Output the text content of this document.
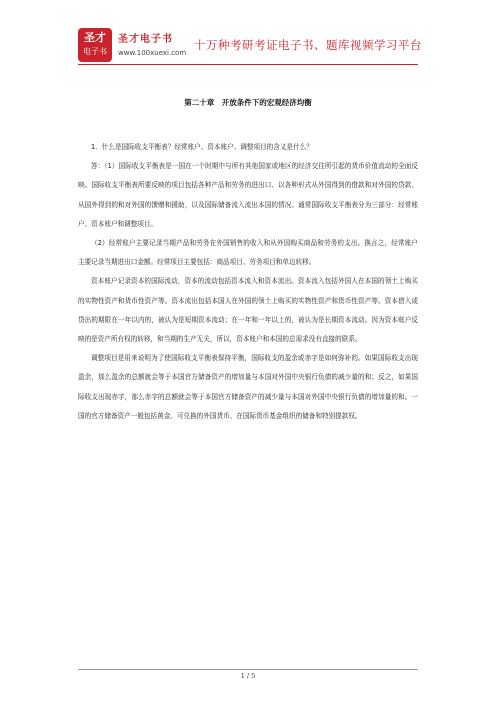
圣才
电子书
圣才电子书
www.100xuexi.com
十万种考研考证电子书、题库视频学习平台
第二十章　开放条件下的宏观经济均衡

1．什么是国际收支平衡表？经常账户、资本账户、调整项目的含义是什么？

答：（1）国际收支平衡表是一国在一个时期中与所有其他国家或地区的经济交往所引起的货币价值流动的全面反映。国际收支平衡表所要反映的项目包括各种产品和劳务的进出口、以各种形式从外国得到的借款和对外国的贷款、从国外得到的和对外国的馈赠和援助，以及国际储备流入流出本国的情况。通常国际收支平衡表分为三部分：经常账户、资本账户和调整项目。

（2）经常账户主要记录当期产品和劳务在外国销售的收入和从外国购买商品和劳务的支出。换言之，经常账户主要记录当期进出口金额。经常项目主要包括：商品项目、劳务项目和单边转移。

资本账户记录资本的国际流动，资本的流动包括资本流入和资本流出。资本流入包括外国人在本国的领土上购买的实物性资产和货币性资产等。资本流出包括本国人在外国的领土上购买的实物性资产和货币性资产等。资本借入或贷出的期限在一年以内的，被认为是短期资本流动；在一年和一年以上的，被认为是长期资本流动。因为资本账户反映的是资产所有权的转移，和当期的生产无关，所以，资本账户和本国的总需求没有直接的联系。

调整项目是用来说明为了使国际收支平衡表保持平衡，国际收支的盈余或赤字是如何弥补的。如果国际收支出现盈余，那么盈余的总额就会等于本国官方储备资产的增加量与本国对外国中央银行负债的减少量的和；反之，如果国际收支出现赤字，那么赤字的总额就会等于本国官方储备资产的减少量与本国对外国中央银行负债的增加量的和。一国的官方储备资产一般包括黄金、可兑换的外国货币、在国际货币基金组织的储备和特别提款权。

1 / 5
